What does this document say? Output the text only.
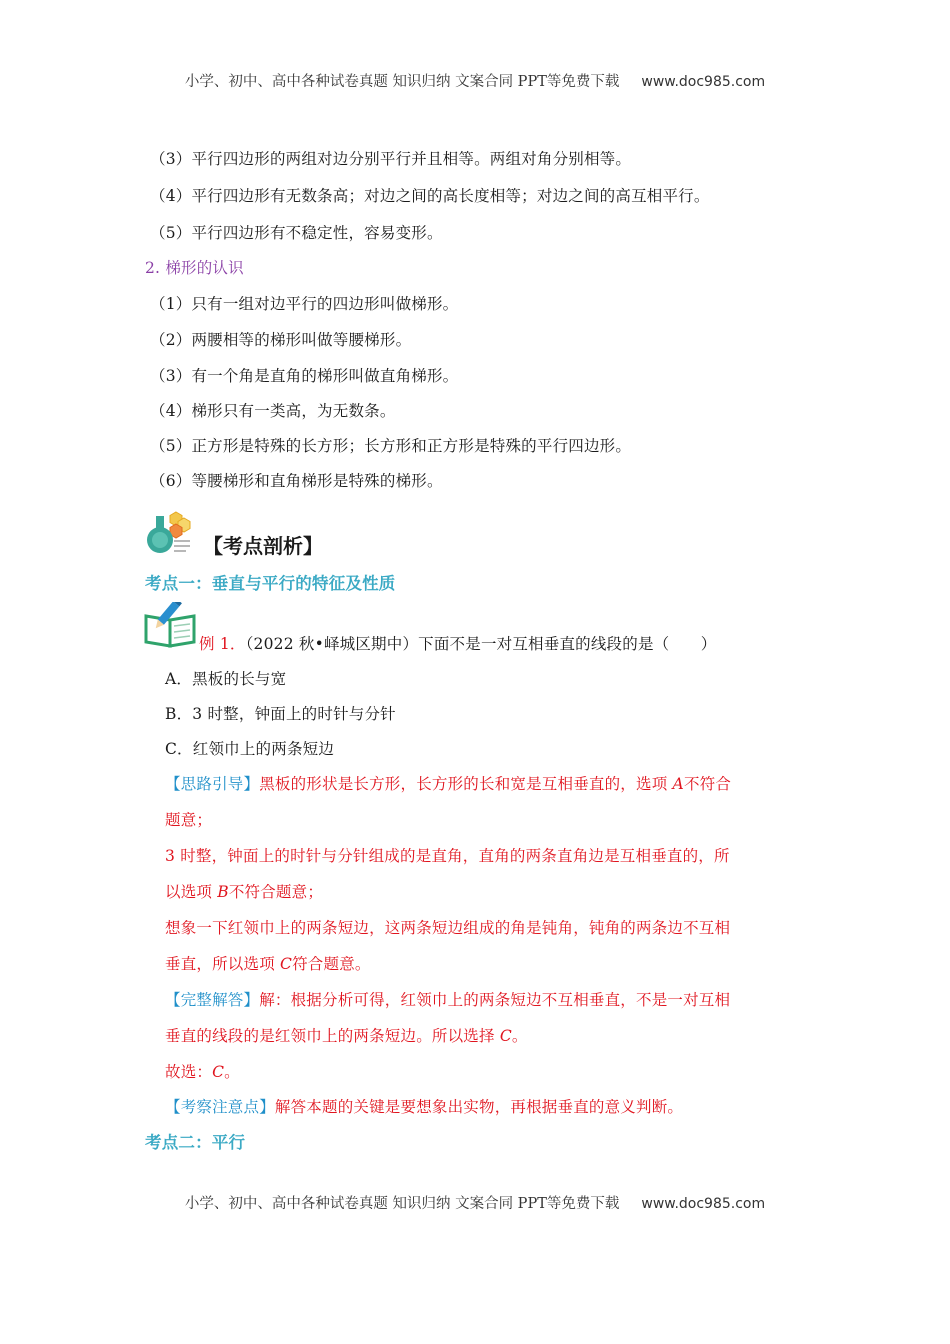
小学、初中、高中各种试卷真题 知识归纳 文案合同 PPT等免费下载 www.doc985.com
（3）平行四边形的两组对边分别平行并且相等。两组对角分别相等。
（4）平行四边形有无数条高；对边之间的高长度相等；对边之间的高互相平行。
（5）平行四边形有不稳定性，容易变形。
2. 梯形的认识
（1）只有一组对边平行的四边形叫做梯形。
（2）两腰相等的梯形叫做等腰梯形。
（3）有一个角是直角的梯形叫做直角梯形。
（4）梯形只有一类高，为无数条。
（5）正方形是特殊的长方形；长方形和正方形是特殊的平行四边形。
（6）等腰梯形和直角梯形是特殊的梯形。
【考点剖析】
考点一：垂直与平行的特征及性质
例 1．（2022 秋•峄城区期中）下面不是一对互相垂直的线段的是（　　）
A．黑板的长与宽
B．3 时整，钟面上的时针与分针
C．红领巾上的两条短边
【思路引导】黑板的形状是长方形，长方形的长和宽是互相垂直的，选项 A不符合
题意；
3 时整，钟面上的时针与分针组成的是直角，直角的两条直角边是互相垂直的，所
以选项 B不符合题意；
想象一下红领巾上的两条短边，这两条短边组成的角是钝角，钝角的两条边不互相
垂直，所以选项 C符合题意。
【完整解答】解：根据分析可得，红领巾上的两条短边不互相垂直，不是一对互相
垂直的线段的是红领巾上的两条短边。所以选择 C。
故选：C。
【考察注意点】解答本题的关键是要想象出实物，再根据垂直的意义判断。
考点二：平行
小学、初中、高中各种试卷真题 知识归纳 文案合同 PPT等免费下载 www.doc985.com
